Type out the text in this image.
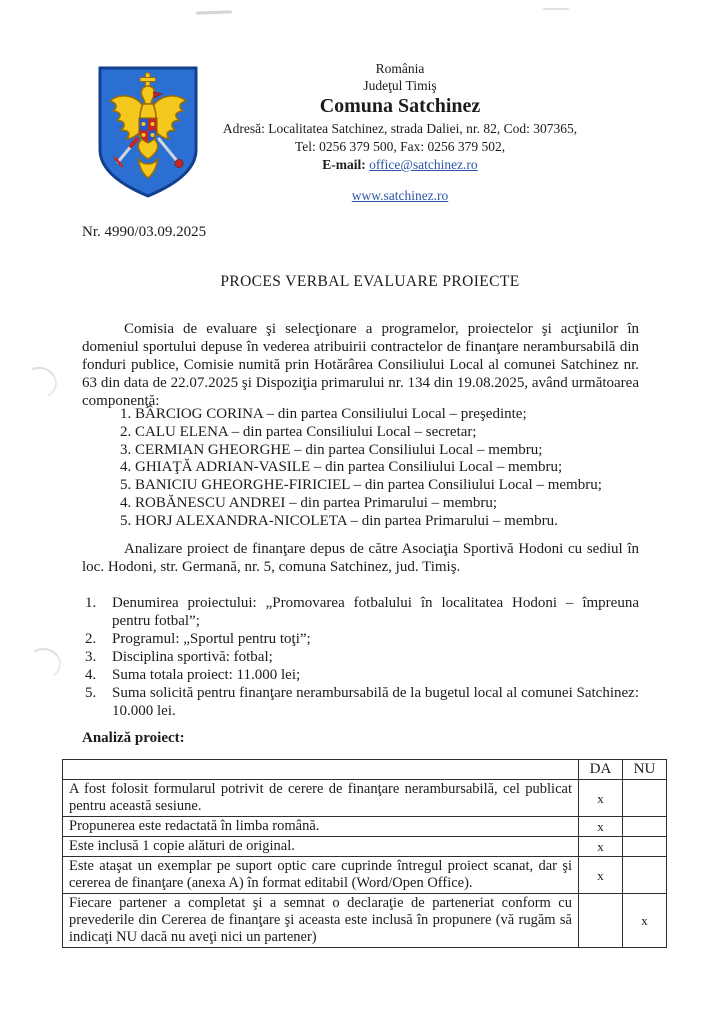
România
Judeţul Timiş
Comuna Satchinez
Adresă: Localitatea Satchinez, strada Daliei, nr. 82, Cod: 307365,
Tel: 0256 379 500, Fax: 0256 379 502,
E-mail: office@satchinez.ro
www.satchinez.ro
Nr. 4990/03.09.2025
PROCES VERBAL EVALUARE PROIECTE
Comisia de evaluare şi selecţionare a programelor, proiectelor şi acţiunilor în domeniul sportului depuse în vederea atribuirii contractelor de finanţare nerambursabilă din fonduri publice, Comisie numită prin Hotărârea Consiliului Local al comunei Satchinez nr. 63 din data de 22.07.2025 şi Dispoziţia primarului nr. 134 din 19.08.2025, având următoarea componenţă:
1. BÂRCIOG CORINA – din partea Consiliului Local – preşedinte;
2. CALU ELENA – din partea Consiliului Local – secretar;
3. CERMIAN GHEORGHE – din partea Consiliului Local – membru;
4. GHIAŢĂ ADRIAN-VASILE – din partea Consiliului Local – membru;
5. BANICIU GHEORGHE-FIRICIEL – din partea Consiliului Local – membru;
4. ROBĂNESCU ANDREI – din partea Primarului – membru;
5. HORJ ALEXANDRA-NICOLETA – din partea Primarului – membru.
Analizare proiect de finanţare depus de către Asociaţia Sportivă Hodoni cu sediul în loc. Hodoni, str. Germană, nr. 5, comuna Satchinez, jud. Timiş.
1.	Denumirea proiectului: „Promovarea fotbalului în localitatea Hodoni – împreuna pentru fotbal”;
2.	Programul: „Sportul pentru toţi”;
3.	Disciplina sportivă: fotbal;
4.	Suma totala proiect: 11.000 lei;
5.	Suma solicită pentru finanţare nerambursabilă de la bugetul local al comunei Satchinez: 10.000 lei.
Analiză proiect:
	DA	NU
A fost folosit formularul potrivit de cerere de finanţare nerambursabilă, cel publicat pentru această sesiune.	x	
Propunerea este redactată în limba română.	x	
Este inclusă 1 copie alături de original.	x	
Este ataşat un exemplar pe suport optic care cuprinde întregul proiect scanat, dar şi cererea de finanţare (anexa A) în format editabil (Word/Open Office).	x	
Fiecare partener a completat şi a semnat o declaraţie de parteneriat conform cu prevederile din Cererea de finanţare şi aceasta este inclusă în propunere (vă rugăm să indicaţi NU dacă nu aveţi nici un partener)		x
